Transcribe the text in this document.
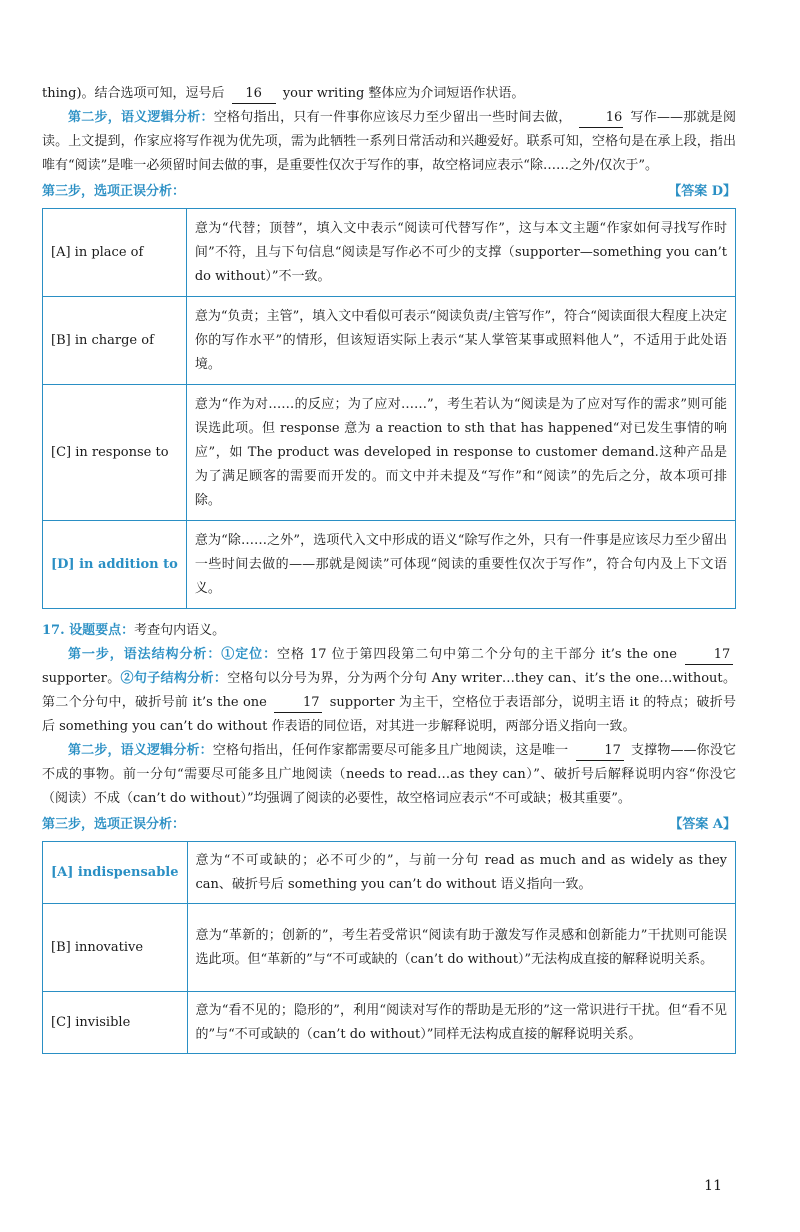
thing)。结合选项可知，逗号后 16 your writing 整体应为介词短语作状语。

第二步，语义逻辑分析：空格句指出，只有一件事你应该尽力至少留出一些时间去做，	16 写作——那就是阅读。上文提到，作家应将写作视为优先项，需为此牺牲一系列日常活动和兴趣爱好。联系可知，空格句是在承上段，指出唯有“阅读”是唯一必须留时间去做的事，是重要性仅次于写作的事，故空格词应表示“除……之外/仅次于”。

第三步，选项正误分析：	【答案 D】
[A] in place of	意为“代替；顶替”，填入文中表示“阅读可代替写作”，这与本文主题“作家如何寻找写作时间”不符，且与下句信息“阅读是写作必不可少的支撑（supporter—something you can’t do without）”不一致。
[B] in charge of	意为“负责；主管”，填入文中看似可表示“阅读负责/主管写作”，符合“阅读面很大程度上决定你的写作水平”的情形，但该短语实际上表示“某人掌管某事或照料他人”，不适用于此处语境。
[C] in response to	意为“作为对……的反应；为了应对……”，考生若认为“阅读是为了应对写作的需求”则可能误选此项。但 response 意为 a reaction to sth that has happened“对已发生事情的响应”，如 The product was developed in response to customer demand.这种产品是为了满足顾客的需要而开发的。而文中并未提及“写作”和“阅读”的先后之分，故本项可排除。
[D] in addition to	意为“除……之外”，选项代入文中形成的语义“除写作之外，只有一件事是应该尽力至少留出一些时间去做的——那就是阅读”可体现“阅读的重要性仅次于写作”，符合句内及上下文语义。

17. 设题要点：考查句内语义。

第一步，语法结构分析：①定位：空格 17 位于第四段第二句中第二个分句的主干部分 it’s the one	17 supporter。②句子结构分析：空格句以分号为界，分为两个分句 Any writer…they can、it’s the one…without。第二个分句中，破折号前 it’s the one	17 supporter 为主干，空格位于表语部分，说明主语 it 的特点；破折号后 something you can’t do without 作表语的同位语，对其进一步解释说明，两部分语义指向一致。

第二步，语义逻辑分析：空格句指出，任何作家都需要尽可能多且广地阅读，这是唯一	17 支撑物——你没它不成的事物。前一分句“需要尽可能多且广地阅读（needs to read…as they can）”、破折号后解释说明内容“你没它（阅读）不成（can’t do without）”均强调了阅读的必要性，故空格词应表示“不可或缺；极其重要”。

第三步，选项正误分析：	【答案 A】
[A] indispensable	意为“不可或缺的；必不可少的”，与前一分句 read as much and as widely as they can、破折号后 something you can’t do without 语义指向一致。
[B] innovative	意为“革新的；创新的”，考生若受常识“阅读有助于激发写作灵感和创新能力”干扰则可能误选此项。但“革新的”与“不可或缺的（can’t do without）”无法构成直接的解释说明关系。
[C] invisible	意为“看不见的；隐形的”，利用“阅读对写作的帮助是无形的”这一常识进行干扰。但“看不见的”与“不可或缺的（can’t do without）”同样无法构成直接的解释说明关系。
11
